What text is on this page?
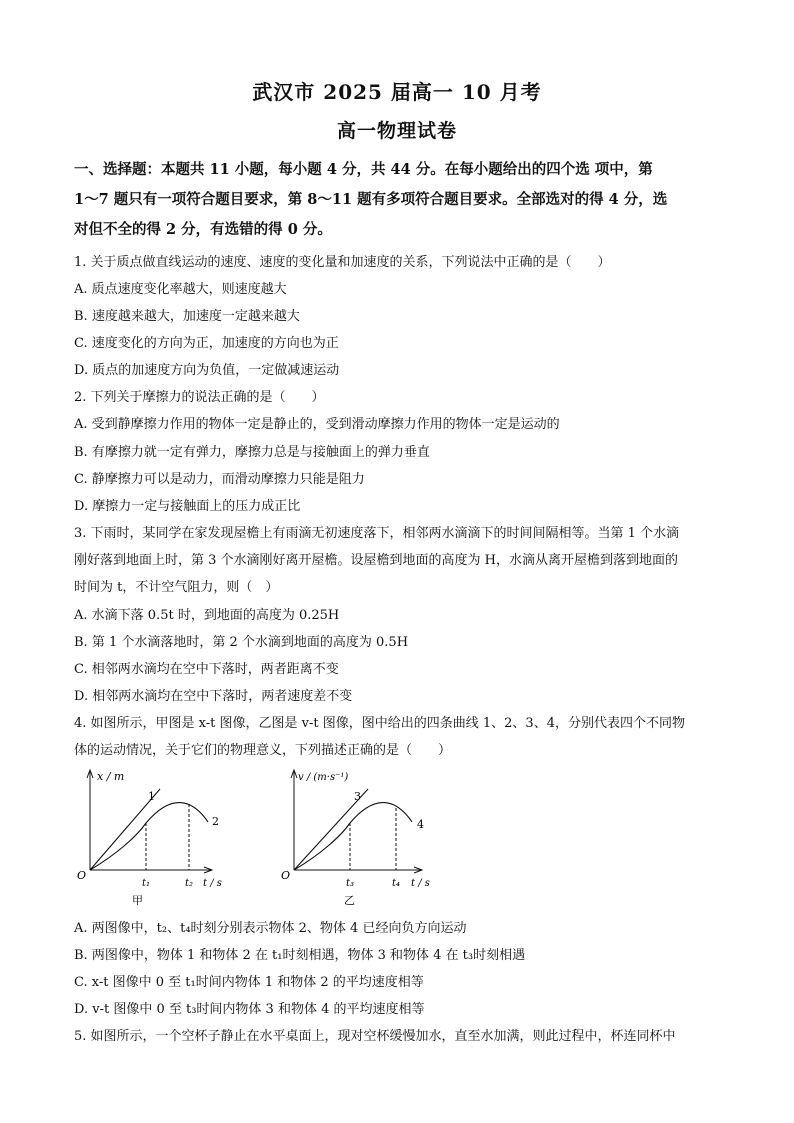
武汉市 2025 届高一 10 月考
高一物理试卷
一、选择题：本题共 11 小题，每小题 4 分，共 44 分。在每小题给出的四个选 项中，第
1～7 题只有一项符合题目要求，第 8～11 题有多项符合题目要求。全部选对的得 4 分，选
对但不全的得 2 分，有选错的得 0 分。
1. 关于质点做直线运动的速度、速度的变化量和加速度的关系，下列说法中正确的是（　　）
A. 质点速度变化率越大，则速度越大
B. 速度越来越大，加速度一定越来越大
C. 速度变化的方向为正，加速度的方向也为正
D. 质点的加速度方向为负值，一定做减速运动
2. 下列关于摩擦力的说法正确的是（　　）
A. 受到静摩擦力作用的物体一定是静止的，受到滑动摩擦力作用的物体一定是运动的
B. 有摩擦力就一定有弹力，摩擦力总是与接触面上的弹力垂直
C. 静摩擦力可以是动力，而滑动摩擦力只能是阻力
D. 摩擦力一定与接触面上的压力成正比
3. 下雨时，某同学在家发现屋檐上有雨滴无初速度落下，相邻两水滴滴下的时间间隔相等。当第 1 个水滴
刚好落到地面上时，第 3 个水滴刚好离开屋檐。设屋檐到地面的高度为 H，水滴从离开屋檐到落到地面的
时间为 t，不计空气阻力，则（　）
A. 水滴下落 0.5t 时，到地面的高度为 0.25H
B. 第 1 个水滴落地时，第 2 个水滴到地面的高度为 0.5H
C. 相邻两水滴均在空中下落时，两者距离不变
D. 相邻两水滴均在空中下落时，两者速度差不变
4. 如图所示，甲图是 x-t 图像，乙图是 v-t 图像，图中给出的四条曲线 1、2、3、4，分别代表四个不同物
体的运动情况，关于它们的物理意义，下列描述正确的是（　　）
x / m
O
t₁	t₂ t / s
1
2
甲
v / (m·s⁻¹)
O
t₃	t₄ t / s
3
4
乙
A. 两图像中，t₂、t₄时刻分别表示物体 2、物体 4 已经向负方向运动
B. 两图像中，物体 1 和物体 2 在 t₁时刻相遇，物体 3 和物体 4 在 t₃时刻相遇
C. x-t 图像中 0 至 t₁时间内物体 1 和物体 2 的平均速度相等
D. v-t 图像中 0 至 t₃时间内物体 3 和物体 4 的平均速度相等
5. 如图所示，一个空杯子静止在水平桌面上，现对空杯缓慢加水，直至水加满，则此过程中，杯连同杯中
